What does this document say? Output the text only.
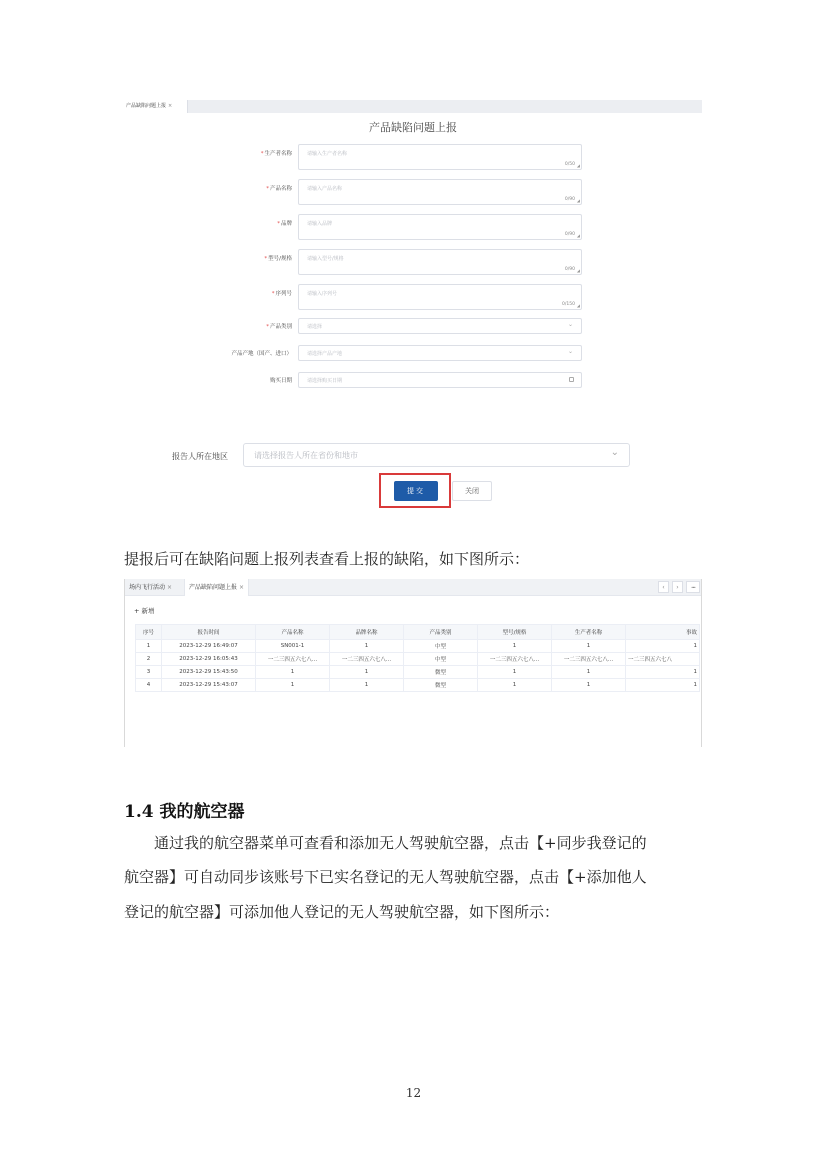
产品缺陷问题上报 ×
产品缺陷问题上报
*生产者名称	请输入生产者名称
0/50 ◢
*产品名称	请输入产品名称
0/90 ◢
*品牌	请输入品牌
0/90 ◢
*型号/规格	请输入型号/规格
0/90 ◢
*序列号	请输入序列号
0/150 ◢
*产品类别	请选择	⌄
产品产地（国产、进口）	请选择产品产地	⌄
购买日期	请选择购买日期
报告人所在地区	请选择报告人所在省份和地市	⌄
提交	关闭
提报后可在缺陷问题上报列表查看上报的缺陷，如下图所示：
场内飞行活动 ×	产品缺陷问题上报 ×	‹	›	•••
+ 新增
序号	报告时间	产品名称	品牌名称	产品类别	型号/规格	生产者名称	事故
1	2023-12-29 16:49:07	SN001-1	1	中型	1	1	1
2	2023-12-29 16:05:43	一二三四五六七八...	一二三四五六七八...	中型	一二三四五六七八...	一二三四五六七八...	一二三四五六七八
3	2023-12-29 15:43:50	1	1	微型	1	1	1
4	2023-12-29 15:43:07	1	1	微型	1	1	1
1.4 我的航空器
　　通过我的航空器菜单可查看和添加无人驾驶航空器，点击【+同步我登记的
航空器】可自动同步该账号下已实名登记的无人驾驶航空器，点击【+添加他人
登记的航空器】可添加他人登记的无人驾驶航空器，如下图所示：
12
